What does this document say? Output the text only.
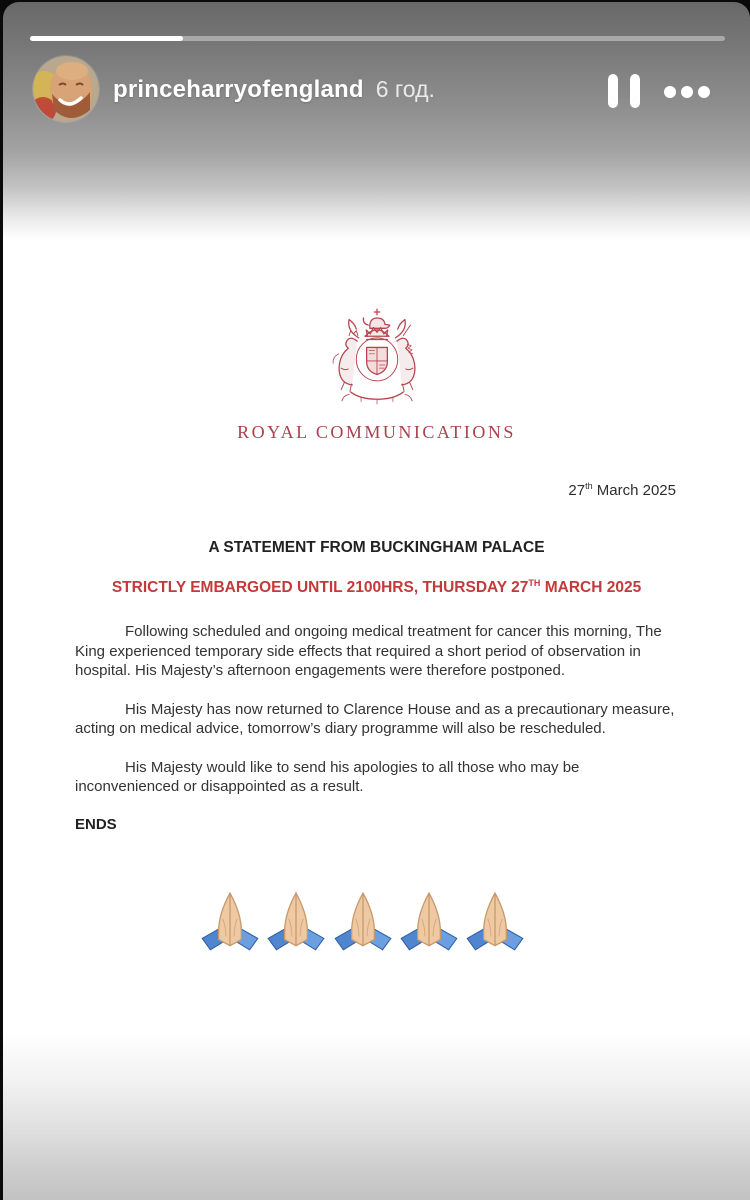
princeharryofengland 6 год.
ROYAL COMMUNICATIONS
27th March 2025
A STATEMENT FROM BUCKINGHAM PALACE
STRICTLY EMBARGOED UNTIL 2100HRS, THURSDAY 27TH MARCH 2025

Following scheduled and ongoing medical treatment for cancer this morning, The King experienced temporary side effects that required a short period of observation in hospital. His Majesty’s afternoon engagements were therefore postponed.

His Majesty has now returned to Clarence House and as a precautionary measure, acting on medical advice, tomorrow’s diary programme will also be rescheduled.

His Majesty would like to send his apologies to all those who may be inconvenienced or disappointed as a result.

ENDS
